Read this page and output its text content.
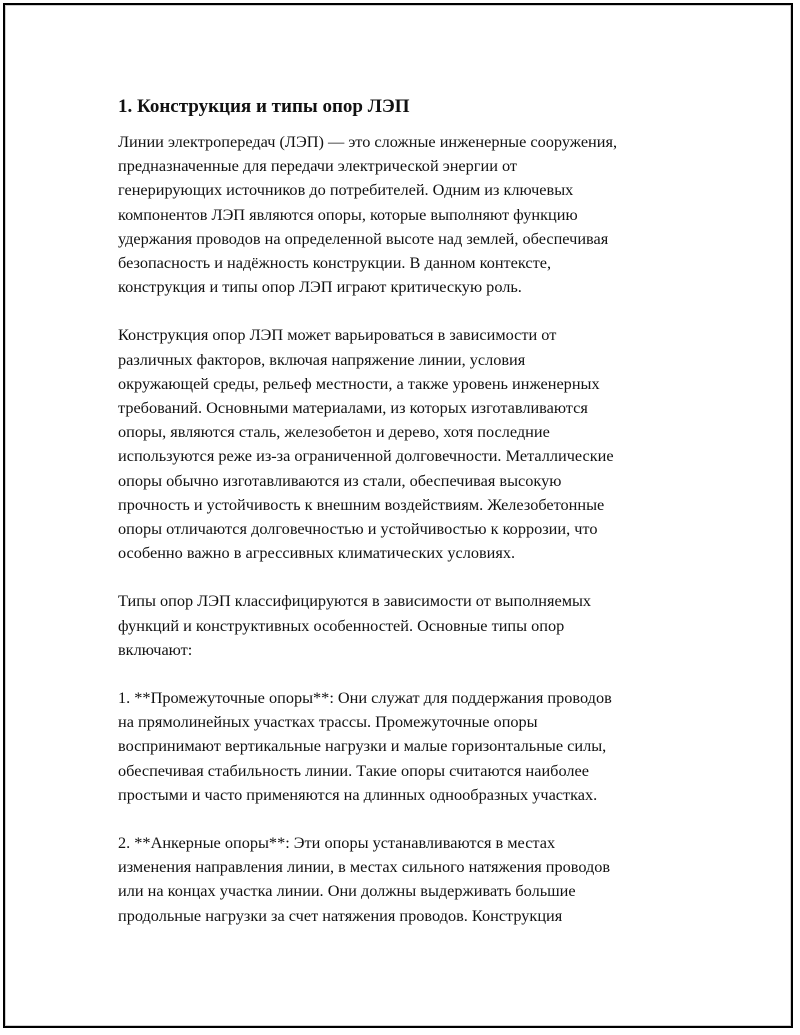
1. Конструкция и типы опор ЛЭП
Линии электропередач (ЛЭП) — это сложные инженерные сооружения,
предназначенные для передачи электрической энергии от
генерирующих источников до потребителей. Одним из ключевых
компонентов ЛЭП являются опоры, которые выполняют функцию
удержания проводов на определенной высоте над землей, обеспечивая
безопасность и надёжность конструкции. В данном контексте,
конструкция и типы опор ЛЭП играют критическую роль.
Конструкция опор ЛЭП может варьироваться в зависимости от
различных факторов, включая напряжение линии, условия
окружающей среды, рельеф местности, а также уровень инженерных
требований. Основными материалами, из которых изготавливаются
опоры, являются сталь, железобетон и дерево, хотя последние
используются реже из-за ограниченной долговечности. Металлические
опоры обычно изготавливаются из стали, обеспечивая высокую
прочность и устойчивость к внешним воздействиям. Железобетонные
опоры отличаются долговечностью и устойчивостью к коррозии, что
особенно важно в агрессивных климатических условиях.
Типы опор ЛЭП классифицируются в зависимости от выполняемых
функций и конструктивных особенностей. Основные типы опор
включают:
1. **Промежуточные опоры**: Они служат для поддержания проводов
на прямолинейных участках трассы. Промежуточные опоры
воспринимают вертикальные нагрузки и малые горизонтальные силы,
обеспечивая стабильность линии. Такие опоры считаются наиболее
простыми и часто применяются на длинных однообразных участках.
2. **Анкерные опоры**: Эти опоры устанавливаются в местах
изменения направления линии, в местах сильного натяжения проводов
или на концах участка линии. Они должны выдерживать большие
продольные нагрузки за счет натяжения проводов. Конструкция
